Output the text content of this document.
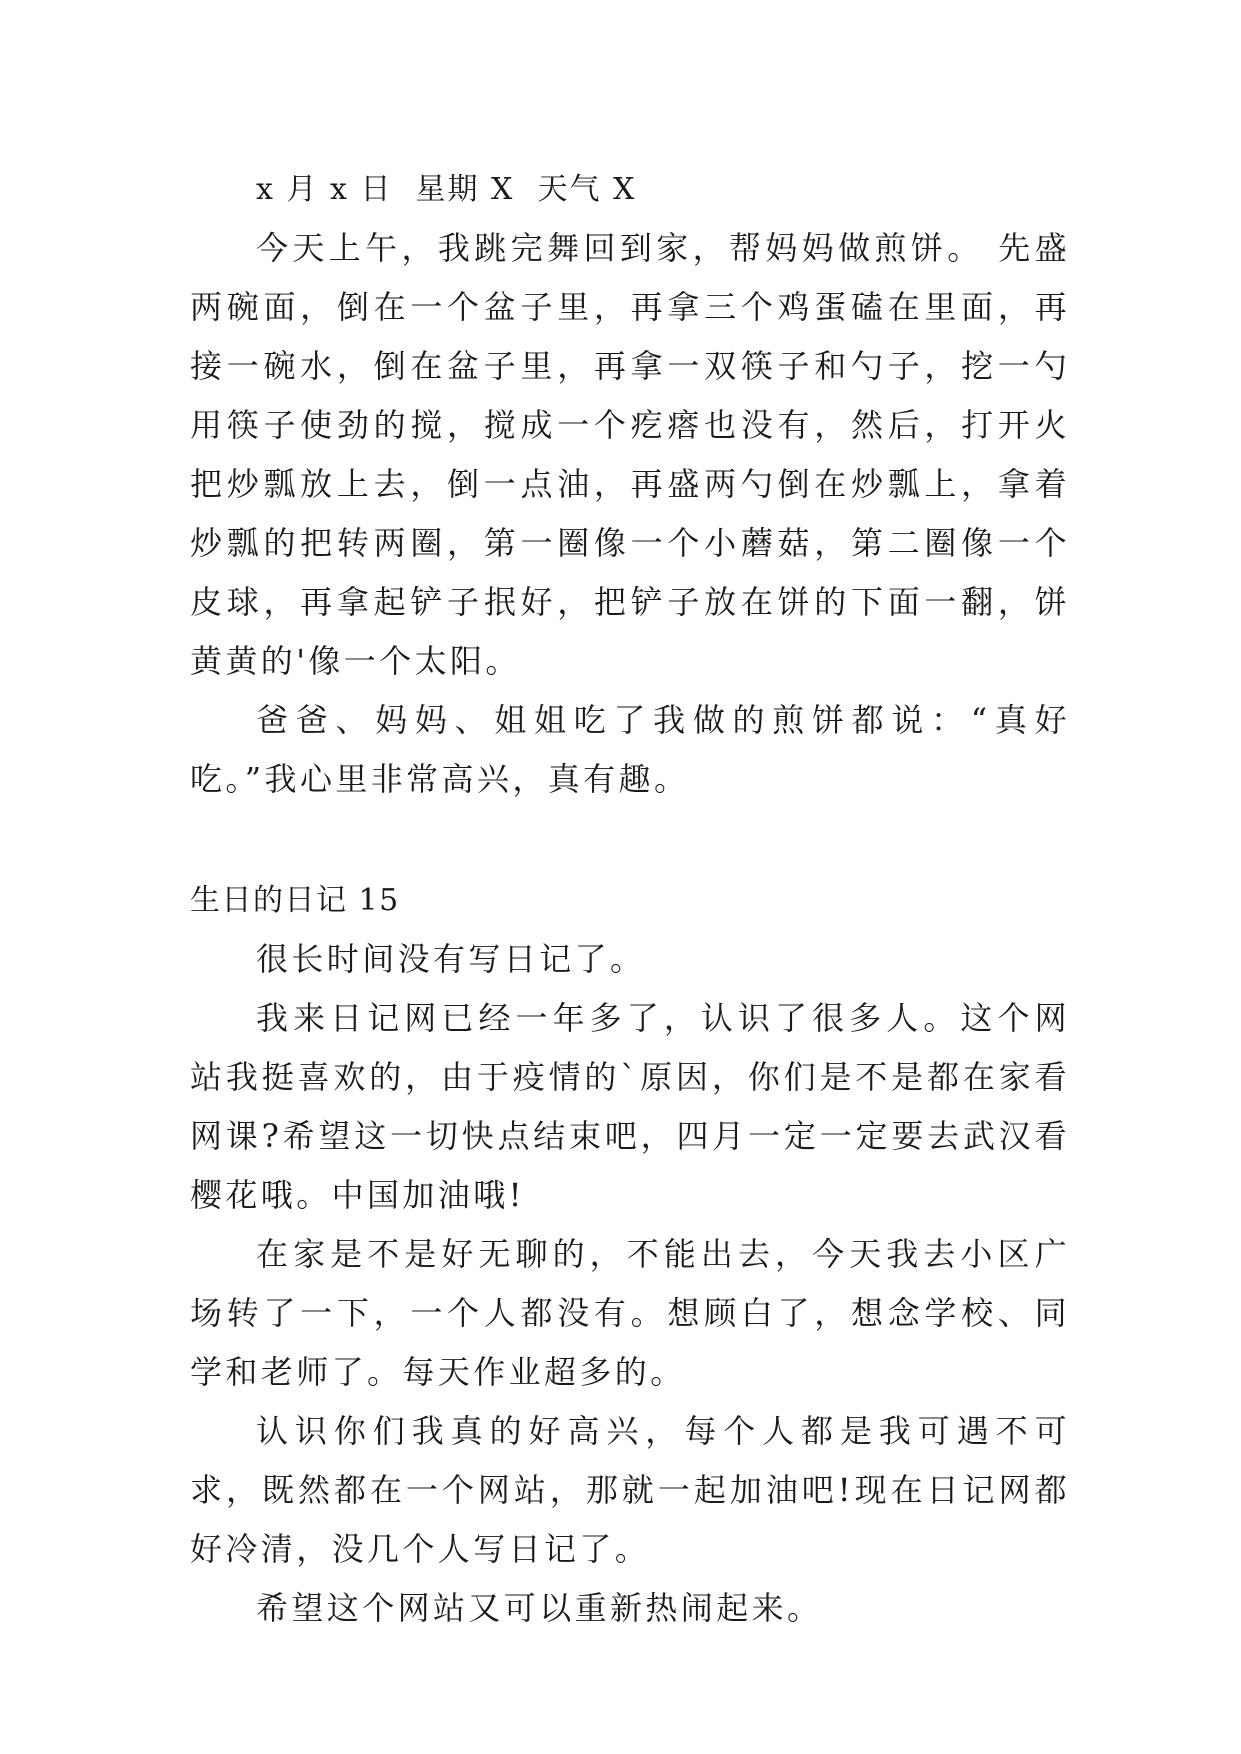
x 月 x 日  星期 X  天气 X

今天上午，我跳完舞回到家，帮妈妈做煎饼。 先盛两碗面，倒在一个盆子里，再拿三个鸡蛋磕在里面，再接一碗水，倒在盆子里，再拿一双筷子和勺子，挖一勺用筷子使劲的搅，搅成一个疙瘩也没有，然后，打开火把炒瓢放上去，倒一点油，再盛两勺倒在炒瓢上，拿着炒瓢的把转两圈，第一圈像一个小蘑菇，第二圈像一个皮球，再拿起铲子抿好，把铲子放在饼的下面一翻，饼黄黄的'像一个太阳。

爸爸、妈妈、姐姐吃了我做的煎饼都说：“真好吃。”我心里非常高兴，真有趣。

生日的日记 15

很长时间没有写日记了。

我来日记网已经一年多了，认识了很多人。这个网站我挺喜欢的，由于疫情的`原因，你们是不是都在家看网课?希望这一切快点结束吧，四月一定一定要去武汉看樱花哦。中国加油哦!

在家是不是好无聊的，不能出去，今天我去小区广场转了一下，一个人都没有。想顾白了，想念学校、同学和老师了。每天作业超多的。

认识你们我真的好高兴，每个人都是我可遇不可求，既然都在一个网站，那就一起加油吧!现在日记网都好冷清，没几个人写日记了。

希望这个网站又可以重新热闹起来。
